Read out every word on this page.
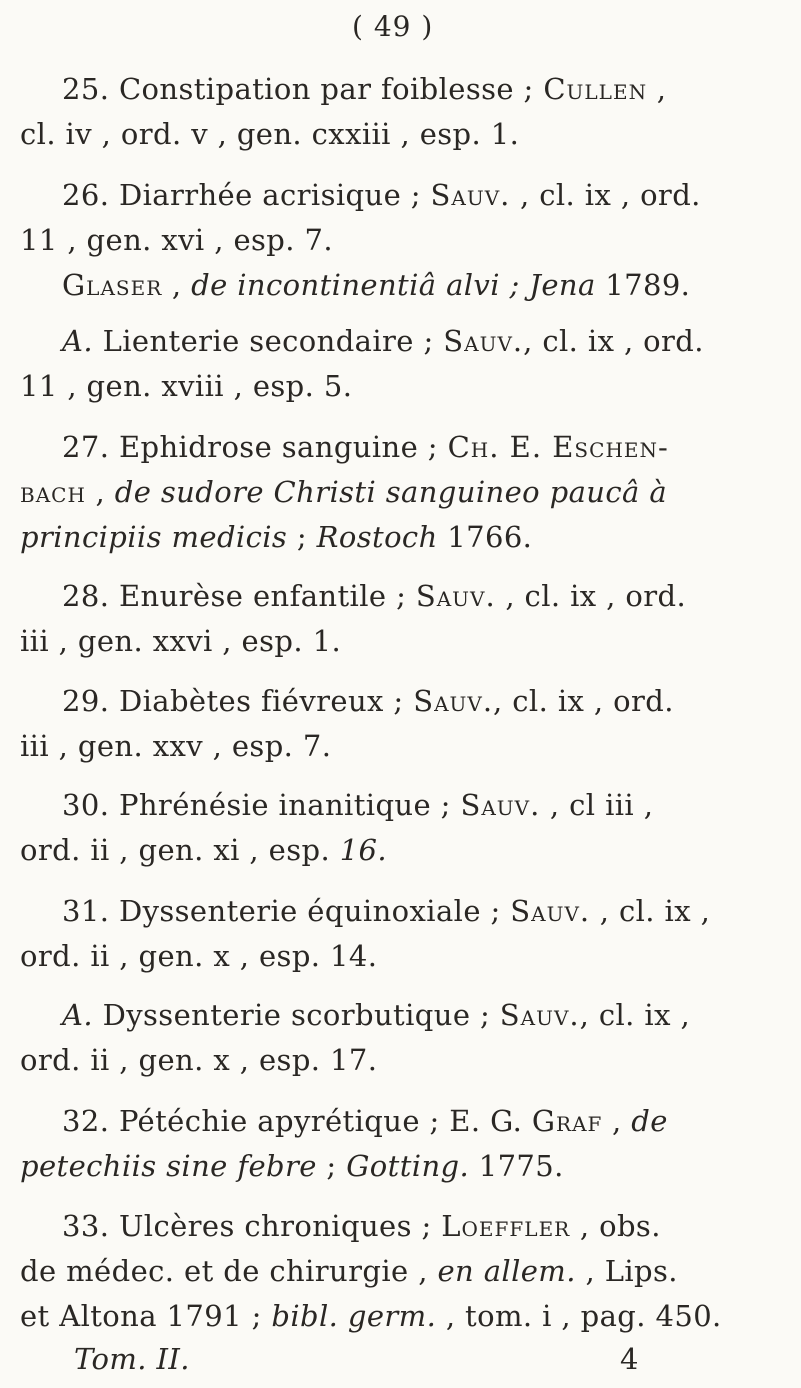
( 49 )
25. Constipation par foiblesse ; Cullen ,
cl. iv , ord. v , gen. cxxiii , esp. 1.
26. Diarrhée acrisique ; Sauv. , cl. ix , ord.
11 , gen. xvi , esp. 7.
Glaser , de incontinentiâ alvi ; Jena 1789.
A. Lienterie secondaire ; Sauv., cl. ix , ord.
11 , gen. xviii , esp. 5.
27. Ephidrose sanguine ; Ch. E. Eschen-
bach , de sudore Christi sanguineo paucâ à
principiis medicis ; Rostoch 1766.
28. Enurèse enfantile ; Sauv. , cl. ix , ord.
iii , gen. xxvi , esp. 1.
29. Diabètes fiévreux ; Sauv., cl. ix , ord.
iii , gen. xxv , esp. 7.
30. Phrénésie inanitique ; Sauv. , cl iii ,
ord. ii , gen. xi , esp. 16.
31. Dyssenterie équinoxiale ; Sauv. , cl. ix ,
ord. ii , gen. x , esp. 14.
A. Dyssenterie scorbutique ; Sauv., cl. ix ,
ord. ii , gen. x , esp. 17.
32. Pétéchie apyrétique ; E. G. Graf , de
petechiis sine febre ; Gotting. 1775.
33. Ulcères chroniques ; Loeffler , obs.
de médec. et de chirurgie , en allem. , Lips.
et Altona 1791 ; bibl. germ. , tom. i , pag. 450.
Tom. II.	4
